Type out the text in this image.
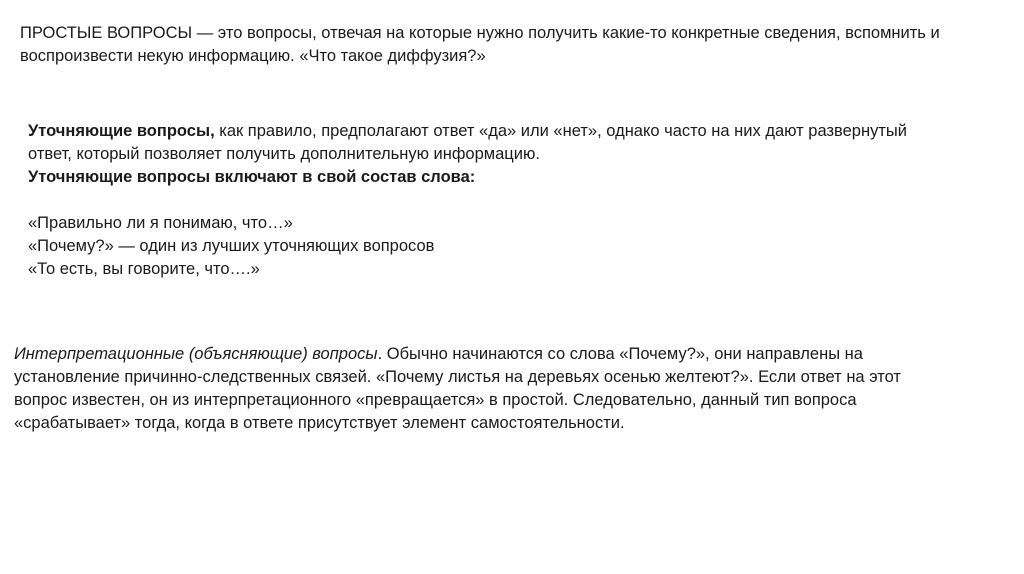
ПРОСТЫЕ ВОПРОСЫ — это вопросы, отвечая на которые нужно получить какие-то конкретные сведения, вспомнить и
воспроизвести некую информацию. «Что такое диффузия?»
Уточняющие вопросы, как правило, предполагают ответ «да» или «нет», однако часто на них дают развернутый
ответ, который позволяет получить дополнительную информацию.
Уточняющие вопросы включают в свой состав слова:
«Правильно ли я понимаю, что…»
«Почему?» — один из лучших уточняющих вопросов
«То есть, вы говорите, что….»
Интерпретационные (объясняющие) вопросы. Обычно начинаются со слова «Почему?», они направлены на
установление причинно-следственных связей. «Почему листья на деревьях осенью желтеют?». Если ответ на этот
вопрос известен, он из интерпретационного «превращается» в простой. Следовательно, данный тип вопроса
«срабатывает» тогда, когда в ответе присутствует элемент самостоятельности.
